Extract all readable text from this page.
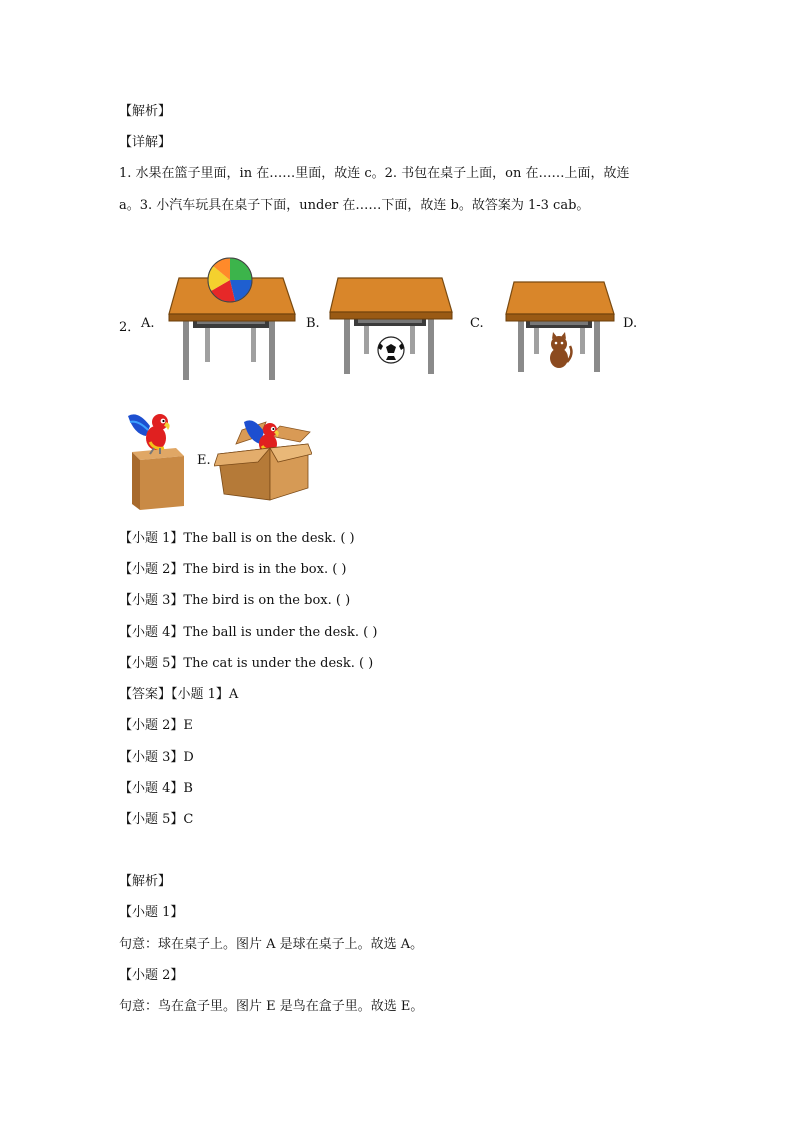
【解析】
【详解】
1. 水果在篮子里面，in 在……里面，故连 c。2. 书包在桌子上面，on 在……上面，故连
a。3. 小汽车玩具在桌子下面，under 在……下面，故连 b。故答案为 1-3 cab。
2． A.	B.	C.	D.
E.
【小题 1】The ball is on the desk. ( )
【小题 2】The bird is in the box. ( )
【小题 3】The bird is on the box. ( )
【小题 4】The ball is under the desk. ( )
【小题 5】The cat is under the desk. ( )
【答案】【小题 1】A
【小题 2】E
【小题 3】D
【小题 4】B
【小题 5】C
【解析】
【小题 1】
句意：球在桌子上。图片 A 是球在桌子上。故选 A。
【小题 2】
句意：鸟在盒子里。图片 E 是鸟在盒子里。故选 E。
